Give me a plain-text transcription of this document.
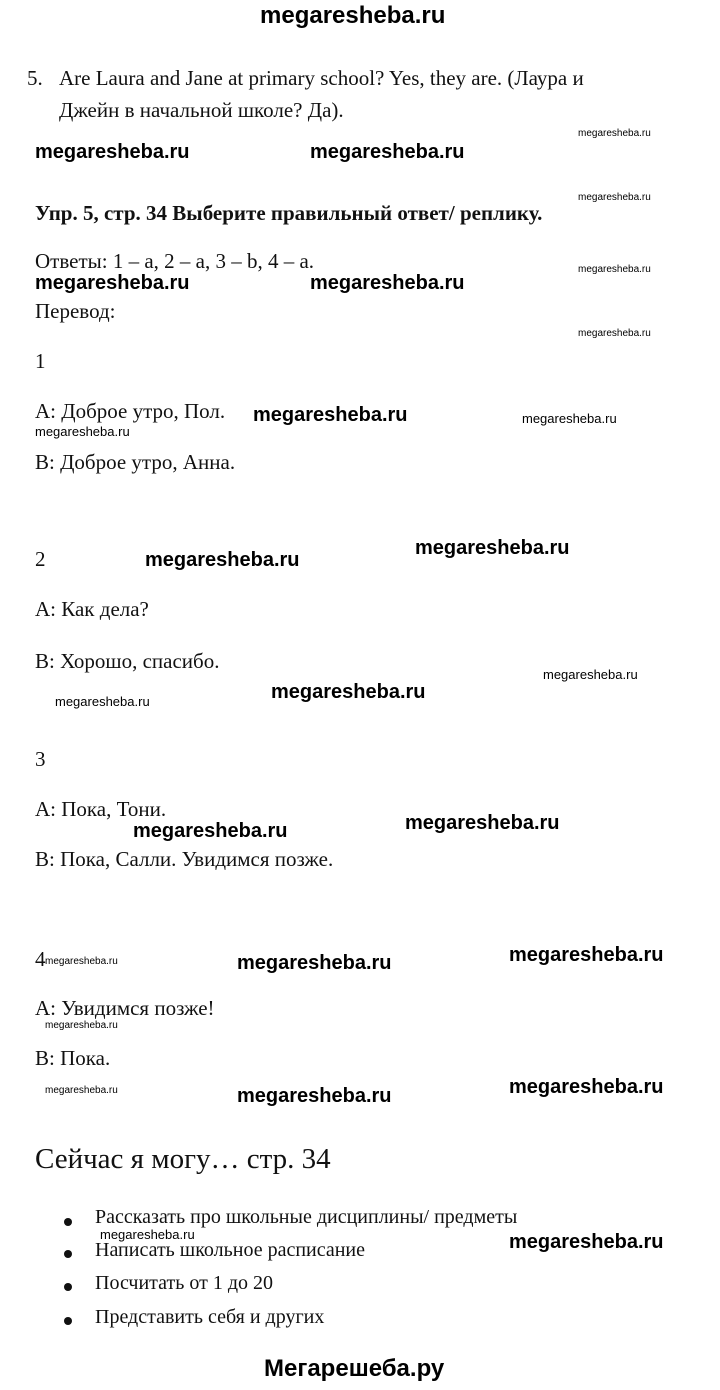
megaresheba.ru
5. Are Laura and Jane at primary school? Yes, they are. (Лаура и
Джейн в начальной школе? Да).
megaresheba.ru
megaresheba.ru	megaresheba.ru
megaresheba.ru
Упр. 5, стр. 34 Выберите правильный ответ/ реплику.
Ответы: 1 – a, 2 – a, 3 – b, 4 – a.	megaresheba.ru
megaresheba.ru	megaresheba.ru
Перевод:
megaresheba.ru
1
А: Доброе утро, Пол. megaresheba.ru	megaresheba.ru
megaresheba.ru
В: Доброе утро, Анна.
megaresheba.ru
2	megaresheba.ru
А: Как дела?
В: Хорошо, спасибо.
megaresheba.ru
megaresheba.ru
megaresheba.ru
3
А: Пока, Тони.
megaresheba.ru
megaresheba.ru
В: Пока, Салли. Увидимся позже.
megaresheba.ru
4 megaresheba.ru	megaresheba.ru
А: Увидимся позже!
megaresheba.ru
В: Пока.
megaresheba.ru
megaresheba.ru	megaresheba.ru
Сейчас я могу… стр. 34
Рассказать про школьные дисциплины/ предметы
megaresheba.ru	megaresheba.ru
Написать школьное расписание
Посчитать от 1 до 20
Представить себя и других
Мегарешеба.ру
